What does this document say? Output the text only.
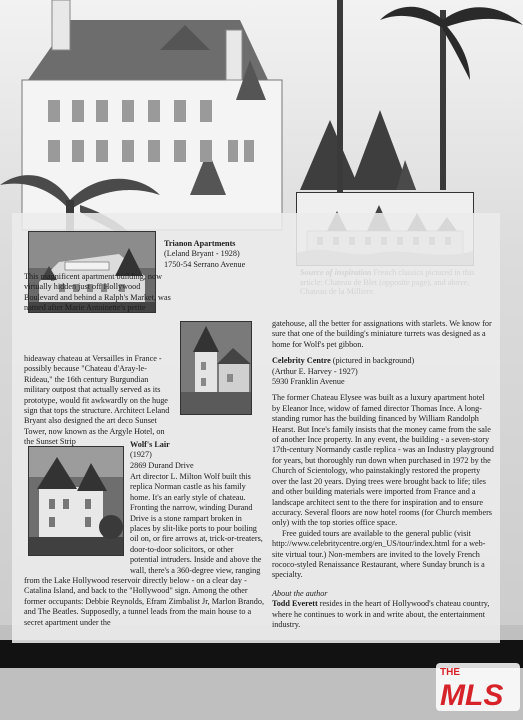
Trianon Apartments
(Leland Bryant - 1928)
1750-54 Serrano Avenue

This magnificent apartment building, now virtually hidden just off Hollywood Boulevard and behind a Ralph's Market, was named after Marie Antoinette's petite hideaway chateau at Versailles in France - possibly because "Chateau d'Aray-le-Rideau," the 16th century Burgundian military outpost that actually served as its prototype, would fit awkwardly on the huge sign that tops the structure. Architect Leland Bryant also designed the art deco Sunset Tower, now known as the Argyle Hotel, on the Sunset Strip	Wolf's Lair
(1927)
2869 Durand Drive

Art director L. Milton Wolf built this replica Norman castle as his family home. It's an early style of chateau. Fronting the narrow, winding Durand Drive is a stone rampart broken in places by slit-like ports to pour boiling oil on, or fire arrows at, trick-or-treaters, door-to-door solicitors, or other potential intruders. Inside and above the wall, there's a 360-degree view, ranging from the Lake Hollywood reservoir directly below - on a clear day - Catalina Island, and back to the "Hollywood" sign. Among the other former occupants: Debbie Reynolds, Efram Zimbalist Jr, Marlon Brando, and The Beatles. Supposedly, a tunnel leads from the main house to a secret apartment under the

gatehouse, all the better for assignations with starlets. We know for sure that one of the building's miniature turrets was designed as a home for Wolf's pet gibbon.
Celebrity Centre (pictured in background)
(Arthur E. Harvey - 1927)
5930 Franklin Avenue
The former Chateau Elysee was built as a luxury apartment hotel by Eleanor Ince, widow of famed director Thomas Ince. A long-standing rumor has the building financed by William Randolph Hearst. But Ince's family insists that the money came from the sale of another Ince property. In any event, the building - a seven-story 17th-century Normandy castle replica - was an Industry playground for years, but thoroughly run down when purchased in 1972 by the Church of Scientology, who painstakingly restored the property over the last 20 years. Dying trees were brought back to life; tiles and other building materials were imported from France and a landscape architect sent to the there for inspiration and to ensure accuracy. Several floors are now hotel rooms (for Church members only) with the top stories office space.
Free guided tours are available to the general public (visit http://www.celebritycentre.org/en_US/tour/index.html for a web-site virtual tour.) Non-members are invited to the lovely French rococo-styled Renaissance Restaurant, where Sunday brunch is a specialty.
About the author
Todd Everett resides in the heart of Hollywood's chateau country, where he continues to work in and write about, the entertainment industry.
THE
MLS
